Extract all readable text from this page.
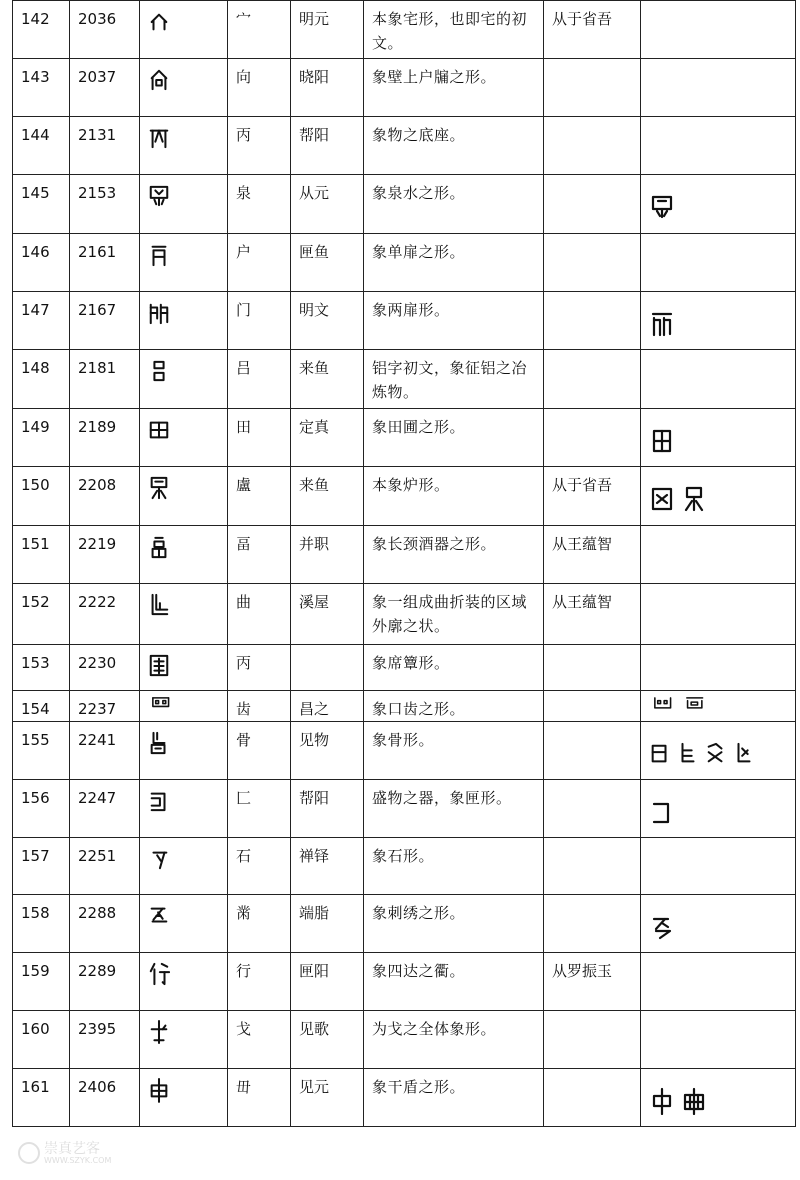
142	2036		宀	明元	本象宅形，也即宅的初文。	从于省吾	
143	2037		向	晓阳	象壁上户牖之形。		
144	2131		丙	帮阳	象物之底座。		
145	2153		泉	从元	象泉水之形。		
146	2161		户	匣鱼	象单扉之形。		
147	2167		门	明文	象两扉形。		
148	2181		吕	来鱼	铝字初文，象征铝之冶炼物。		
149	2189		田	定真	象田圃之形。		
150	2208		盧	来鱼	本象炉形。	从于省吾	
151	2219		畐	并职	象长颈酒器之形。	从王蕴智	
152	2222		曲	溪屋	象一组成曲折装的区域外廓之状。	从王蕴智	
153	2230		丙		象席簟形。		
154	2237		齿	昌之	象口齿之形。		
155	2241		骨	见物	象骨形。		
156	2247		匚	帮阳	盛物之器，象匣形。		
157	2251		石	禅铎	象石形。		
158	2288		黹	端脂	象刺绣之形。		
159	2289		行	匣阳	象四达之衢。	从罗振玉	
160	2395		戈	见歌	为戈之全体象形。		
161	2406		毌	见元	象干盾之形。		
崇真艺客
WWW.SZYK.COM
